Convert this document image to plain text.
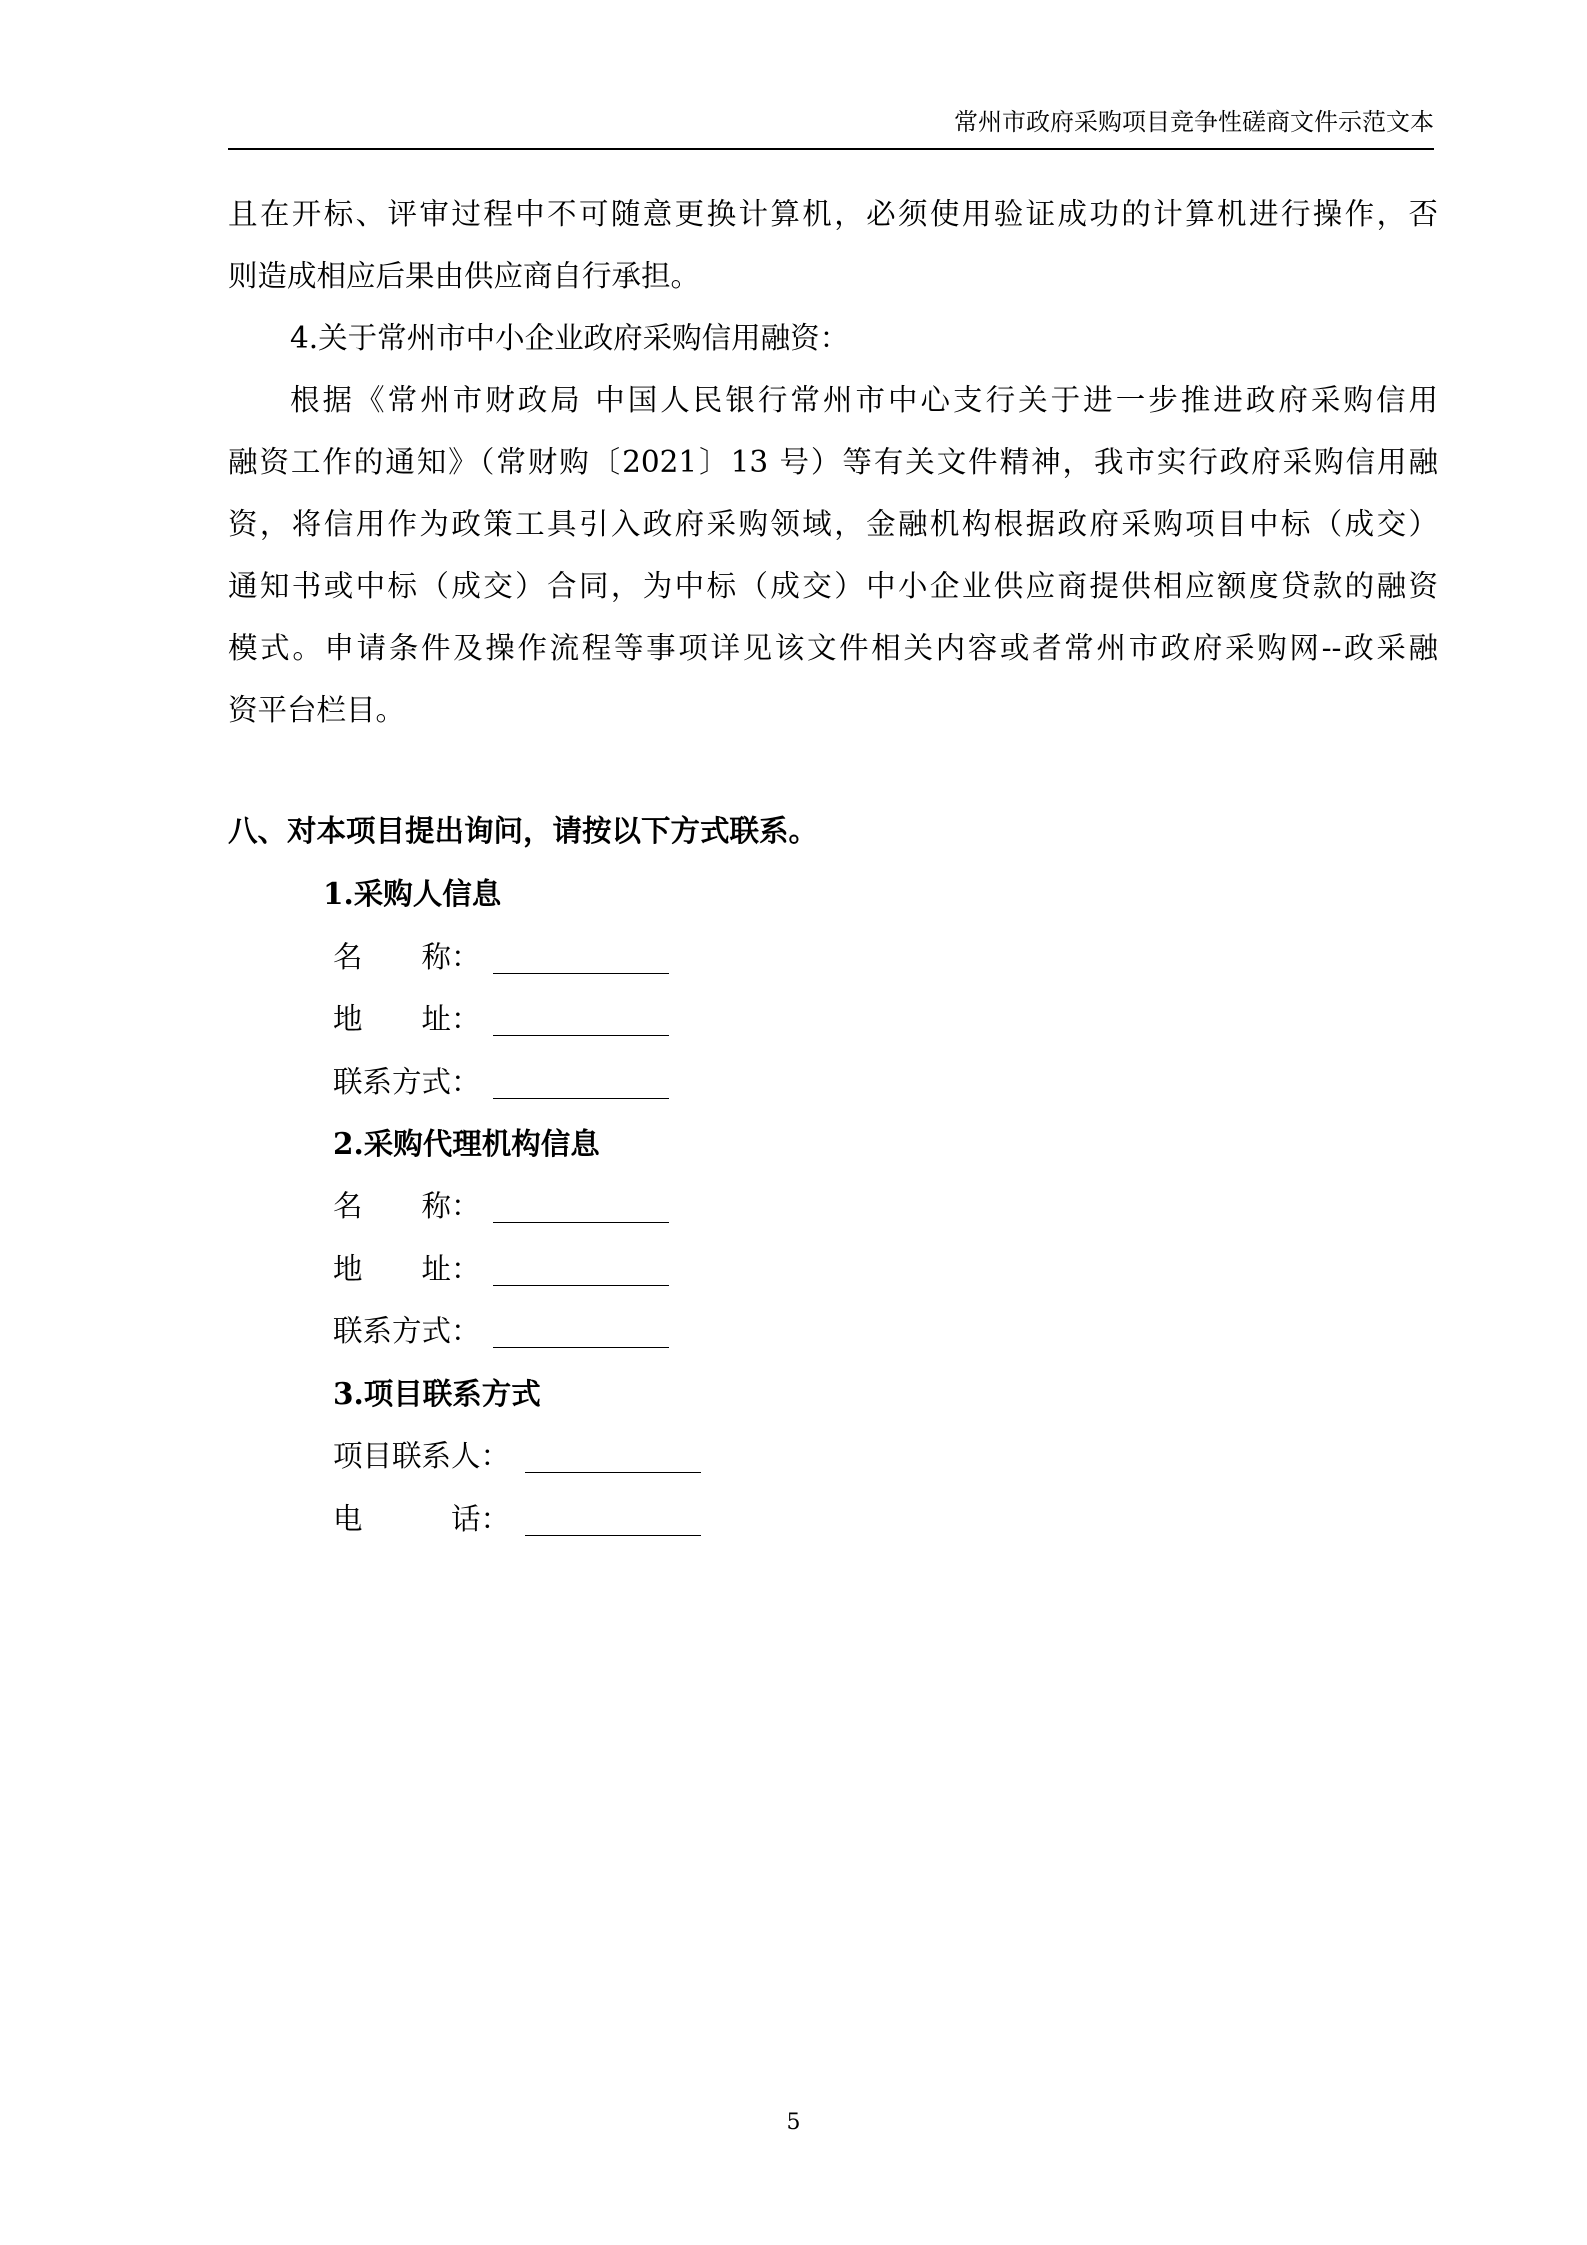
常州市政府采购项目竞争性磋商文件示范文本
且在开标、评审过程中不可随意更换计算机，必须使用验证成功的计算机进行操作，否
则造成相应后果由供应商自行承担。
4.关于常州市中小企业政府采购信用融资：
根据《常州市财政局 中国人民银行常州市中心支行关于进一步推进政府采购信用
融资工作的通知》（常财购〔2021〕13 号）等有关文件精神，我市实行政府采购信用融
资，将信用作为政策工具引入政府采购领域，金融机构根据政府采购项目中标（成交）
通知书或中标（成交）合同，为中标（成交）中小企业供应商提供相应额度贷款的融资
模式。申请条件及操作流程等事项详见该文件相关内容或者常州市政府采购网--政采融
资平台栏目。
八、对本项目提出询问，请按以下方式联系。
1.采购人信息
名　　称：
地　　址：
联系方式：
2.采购代理机构信息
名　　称：
地　　址：
联系方式：
3.项目联系方式
项目联系人：
电　　　话：
5
